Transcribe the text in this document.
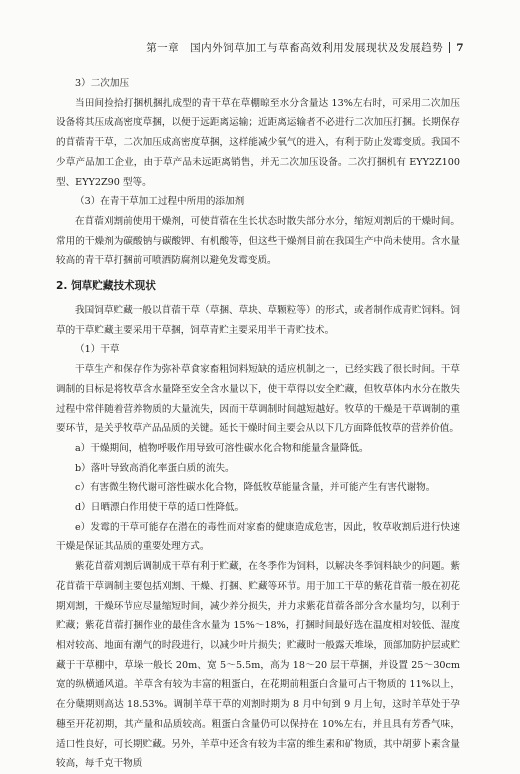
第一章　国内外饲草加工与草畜高效利用发展现状及发展趋势 7

3）二次加压

当田间捡拾打捆机捆扎成型的青干草在草棚晾至水分含量达 13%左右时，可采用二次加压设备将其压成高密度草捆，以便于远距离运输；近距离运输者不必进行二次加压打捆。长期保存的苜蓿青干草，二次加压成高密度草捆，这样能减少氧气的进入，有利于防止发霉变质。我国不少草产品加工企业，由于草产品未远距离销售，并无二次加压设备。二次打捆机有 EYY2Z100 型、EYY2Z90 型等。

（3）在青干草加工过程中所用的添加剂

在苜蓿刈割前使用干燥剂，可使苜蓿在生长状态时散失部分水分，缩短刈割后的干燥时间。常用的干燥剂为碳酸钠与碳酸钾、有机酸等，但这些干燥剂目前在我国生产中尚未使用。含水量较高的青干草打捆前可喷洒防腐剂以避免发霉变质。

2. 饲草贮藏技术现状

我国饲草贮藏一般以苜蓿干草（草捆、草块、草颗粒等）的形式，或者制作成青贮饲料。饲草的干草贮藏主要采用干草捆，饲草青贮主要采用半干青贮技术。

（1）干草

干草生产和保存作为弥补草食家畜粗饲料短缺的适应机制之一，已经实践了很长时间。干草调制的目标是将牧草含水量降至安全含水量以下，使干草得以安全贮藏，但牧草体内水分在散失过程中常伴随着营养物质的大量流失，因而干草调制时间越短越好。牧草的干燥是干草调制的重要环节，是关乎牧草产品品质的关键。延长干燥时间主要会从以下几方面降低牧草的营养价值。

a）干燥期间，植物呼吸作用导致可溶性碳水化合物和能量含量降低。

b）落叶导致高消化率蛋白质的流失。

c）有害微生物代谢可溶性碳水化合物，降低牧草能量含量，并可能产生有害代谢物。

d）日晒漂白作用使干草的适口性降低。

e）发霉的干草可能存在潜在的毒性而对家畜的健康造成危害，因此，牧草收割后进行快速干燥是保证其品质的重要处理方式。

紫花苜蓿刈割后调制成干草有利于贮藏，在冬季作为饲料，以解决冬季饲料缺少的问题。紫花苜蓿干草调制主要包括刈割、干燥、打捆、贮藏等环节。用于加工干草的紫花苜蓿一般在初花期刈割，干燥环节应尽量缩短时间，减少养分损失，并力求紫花苜蓿各部分含水量均匀，以利于贮藏；紫花苜蓿打捆作业的最佳含水量为 15%～18%，打捆时间最好选在温度相对较低、湿度相对较高、地面有潮气的时段进行，以减少叶片损失；贮藏时一般露天堆垛，顶部加防护层或贮藏于干草棚中，草垛一般长 20m、宽 5～5.5m，高为 18～20 层干草捆，并设置 25～30cm 宽的纵横通风道。羊草含有较为丰富的粗蛋白，在花期前粗蛋白含量可占干物质的 11%以上，在分蘖期则高达 18.53%。调制羊草干草的刈割时期为 8 月中旬到 9 月上旬，这时羊草处于孕穗至开花初期，其产量和品质较高。粗蛋白含量仍可以保持在 10%左右，并且具有芳香气味，适口性良好，可长期贮藏。另外，羊草中还含有较为丰富的维生素和矿物质，其中胡萝卜素含量较高，每千克干物质
